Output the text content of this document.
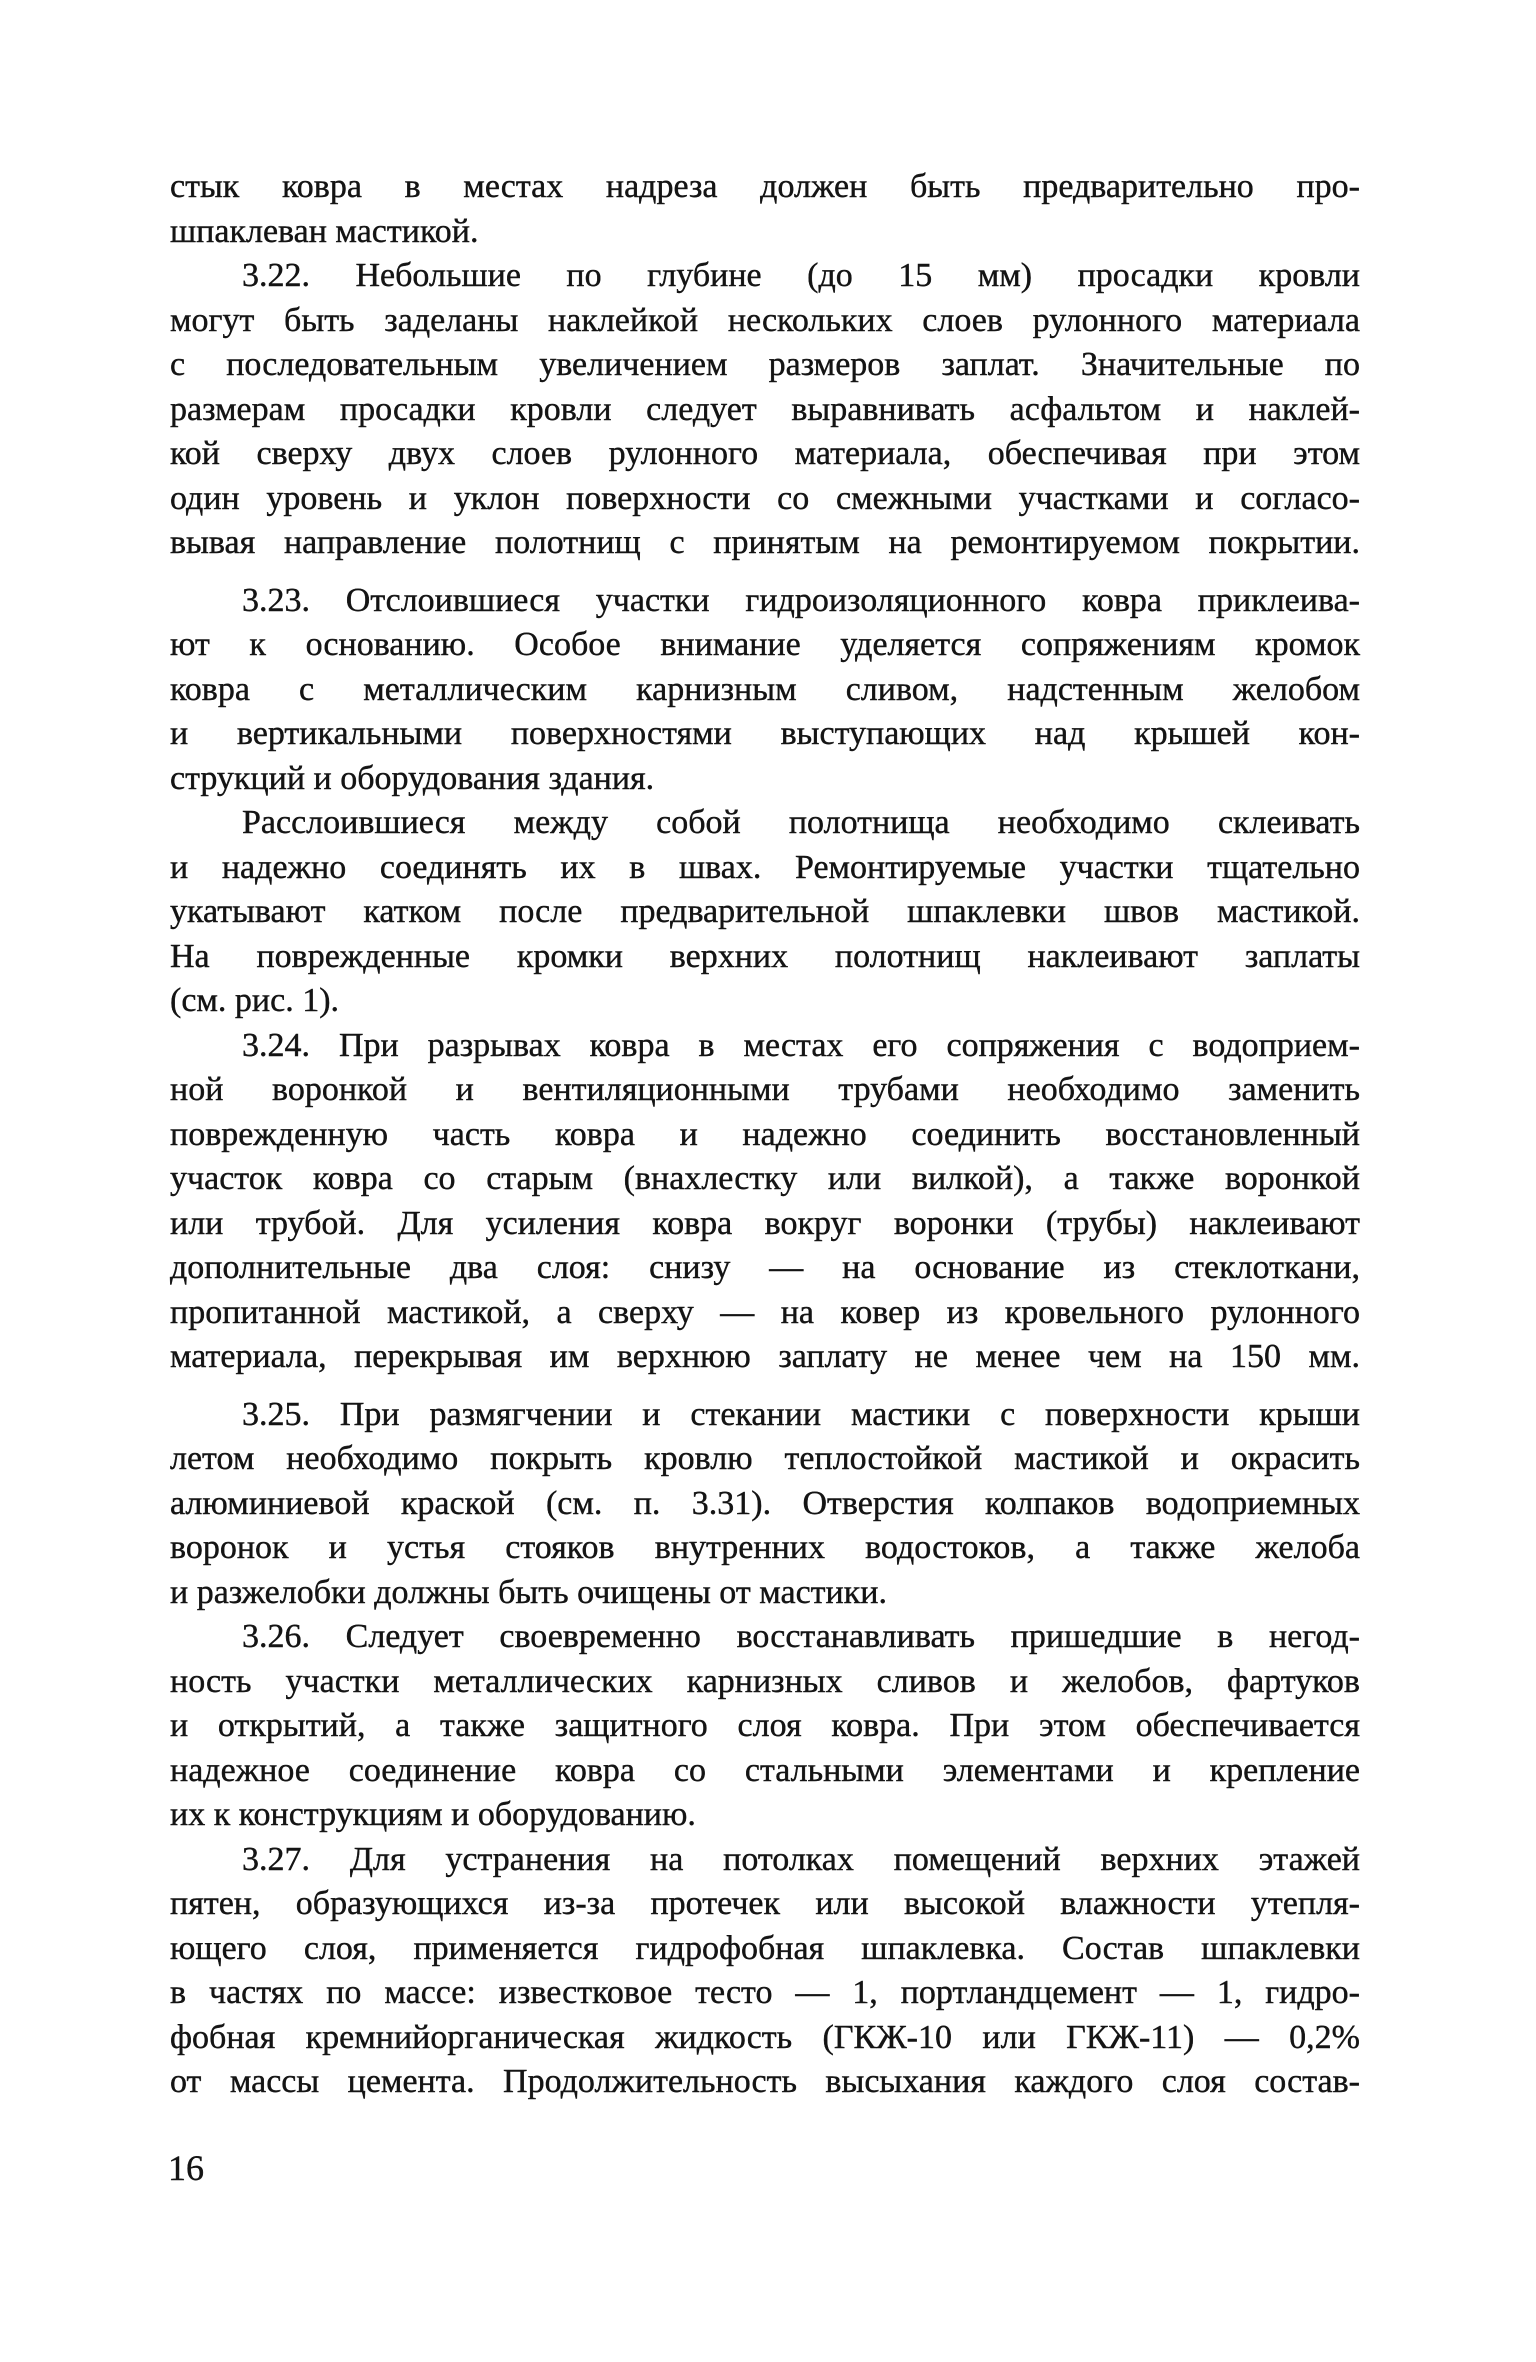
стык ковра в местах надреза должен быть предварительно про-
шпаклеван мастикой.
3.22. Небольшие по глубине (до 15 мм) просадки кровли
могут быть заделаны наклейкой нескольких слоев рулонного материала
с последовательным увеличением размеров заплат. Значительные по
размерам просадки кровли следует выравнивать асфальтом и наклей-
кой сверху двух слоев рулонного материала, обеспечивая при этом
один уровень и уклон поверхности со смежными участками и согласо-
вывая направление полотнищ с принятым на ремонтируемом покрытии.
3.23. Отслоившиеся участки гидроизоляционного ковра приклеива-
ют к основанию. Особое внимание уделяется сопряжениям кромок
ковра с металлическим карнизным сливом, надстенным желобом
и вертикальными поверхностями выступающих над крышей кон-
струкций и оборудования здания.
Расслоившиеся между собой полотнища необходимо склеивать
и надежно соединять их в швах. Ремонтируемые участки тщательно
укатывают катком после предварительной шпаклевки швов мастикой.
На поврежденные кромки верхних полотнищ наклеивают заплаты
(см. рис. 1).
3.24. При разрывах ковра в местах его сопряжения с водоприем-
ной воронкой и вентиляционными трубами необходимо заменить
поврежденную часть ковра и надежно соединить восстановленный
участок ковра со старым (внахлестку или вилкой), а также воронкой
или трубой. Для усиления ковра вокруг воронки (трубы) наклеивают
дополнительные два слоя: снизу — на основание из стеклоткани,
пропитанной мастикой, а сверху — на ковер из кровельного рулонного
материала, перекрывая им верхнюю заплату не менее чем на 150 мм.
3.25. При размягчении и стекании мастики с поверхности крыши
летом необходимо покрыть кровлю теплостойкой мастикой и окрасить
алюминиевой краской (см. п. 3.31). Отверстия колпаков водоприемных
воронок и устья стояков внутренних водостоков, а также желоба
и разжелобки должны быть очищены от мастики.
3.26. Следует своевременно восстанавливать пришедшие в негод-
ность участки металлических карнизных сливов и желобов, фартуков
и открытий, а также защитного слоя ковра. При этом обеспечивается
надежное соединение ковра со стальными элементами и крепление
их к конструкциям и оборудованию.
3.27. Для устранения на потолках помещений верхних этажей
пятен, образующихся из-за протечек или высокой влажности утепля-
ющего слоя, применяется гидрофобная шпаклевка. Состав шпаклевки
в частях по массе: известковое тесто — 1, портландцемент — 1, гидро-
фобная кремнийорганическая жидкость (ГКЖ-10 или ГКЖ-11) — 0,2%
от массы цемента. Продолжительность высыхания каждого слоя состав-
16
